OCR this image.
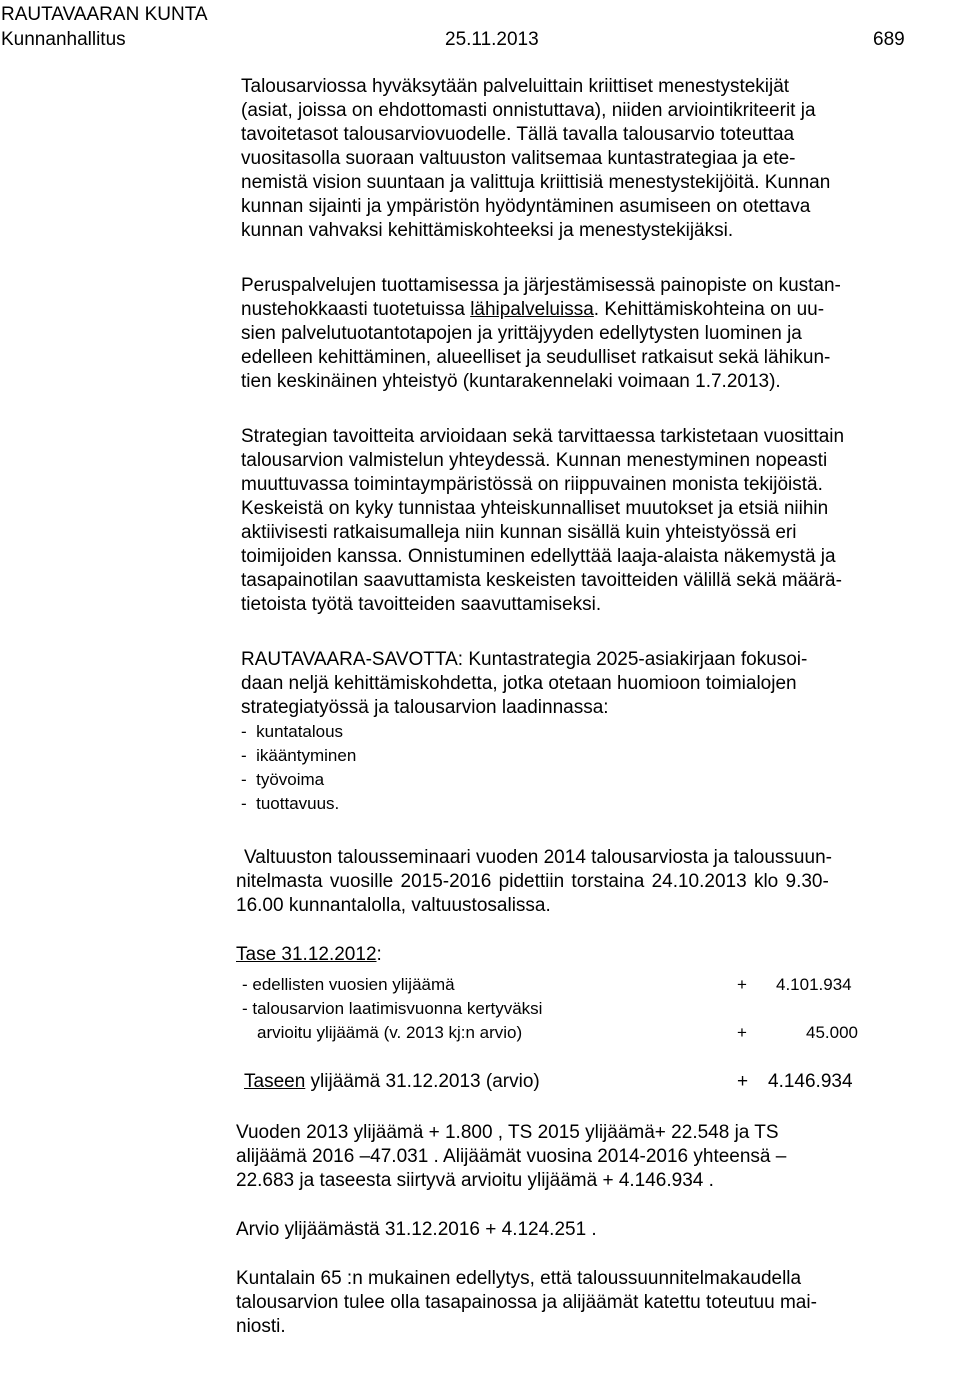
RAUTAVAARAN KUNTA
Kunnanhallitus	25.11.2013	689
Talousarviossa hyväksytään palveluittain kriittiset menestystekijät
(asiat, joissa on ehdottomasti onnistuttava), niiden arviointikriteerit ja
tavoitetasot talousarviovuodelle. Tällä tavalla talousarvio toteuttaa
vuositasolla suoraan valtuuston valitsemaa kuntastrategiaa ja ete-
nemistä vision suuntaan ja valittuja kriittisiä menestystekijöitä. Kunnan
kunnan sijainti ja ympäristön hyödyntäminen asumiseen on otettava
kunnan vahvaksi kehittämiskohteeksi ja menestystekijäksi.
Peruspalvelujen tuottamisessa ja järjestämisessä painopiste on kustan-
nustehokkaasti tuotetuissa lähipalveluissa. Kehittämiskohteina on uu-
sien palvelutuotantotapojen ja yrittäjyyden edellytysten luominen ja
edelleen kehittäminen, alueelliset ja seudulliset ratkaisut sekä lähikun-
tien keskinäinen yhteistyö (kuntarakennelaki voimaan 1.7.2013).
Strategian tavoitteita arvioidaan sekä tarvittaessa tarkistetaan vuosittain
talousarvion valmistelun yhteydessä. Kunnan menestyminen nopeasti
muuttuvassa toimintaympäristössä on riippuvainen monista tekijöistä.
Keskeistä on kyky tunnistaa yhteiskunnalliset muutokset ja etsiä niihin
aktiivisesti ratkaisumalleja niin kunnan sisällä kuin yhteistyössä eri
toimijoiden kanssa. Onnistuminen edellyttää laaja-alaista näkemystä ja
tasapainotilan saavuttamista keskeisten tavoitteiden välillä sekä määrä-
tietoista työtä tavoitteiden saavuttamiseksi.
RAUTAVAARA-SAVOTTA: Kuntastrategia 2025-asiakirjaan fokusoi-
daan neljä kehittämiskohdetta, jotka otetaan huomioon toimialojen
strategiatyössä ja talousarvion laadinnassa:
-  kuntatalous
-  ikääntyminen
-  työvoima
-  tuottavuus.
Valtuuston talousseminaari vuoden 2014 talousarviosta ja taloussuun-
nitelmasta vuosille 2015-2016 pidettiin torstaina 24.10.2013 klo 9.30-
16.00 kunnantalolla, valtuustosalissa.
Tase 31.12.2012:
- edellisten vuosien ylijäämä	+ 4.101.934
- talousarvion laatimisvuonna kertyväksi
arvioitu ylijäämä (v. 2013 kj:n arvio)	+	45.000
Taseen ylijäämä 31.12.2013 (arvio)	+ 4.146.934
Vuoden 2013 ylijäämä + 1.800 , TS 2015 ylijäämä+ 22.548 ja TS
alijäämä 2016 –47.031 . Alijäämät vuosina 2014-2016 yhteensä –
22.683 ja taseesta siirtyvä arvioitu ylijäämä + 4.146.934 .
Arvio ylijäämästä 31.12.2016 + 4.124.251 .
Kuntalain 65 :n mukainen edellytys, että taloussuunnitelmakaudella
talousarvion tulee olla tasapainossa ja alijäämät katettu toteutuu mai-
niosti.
